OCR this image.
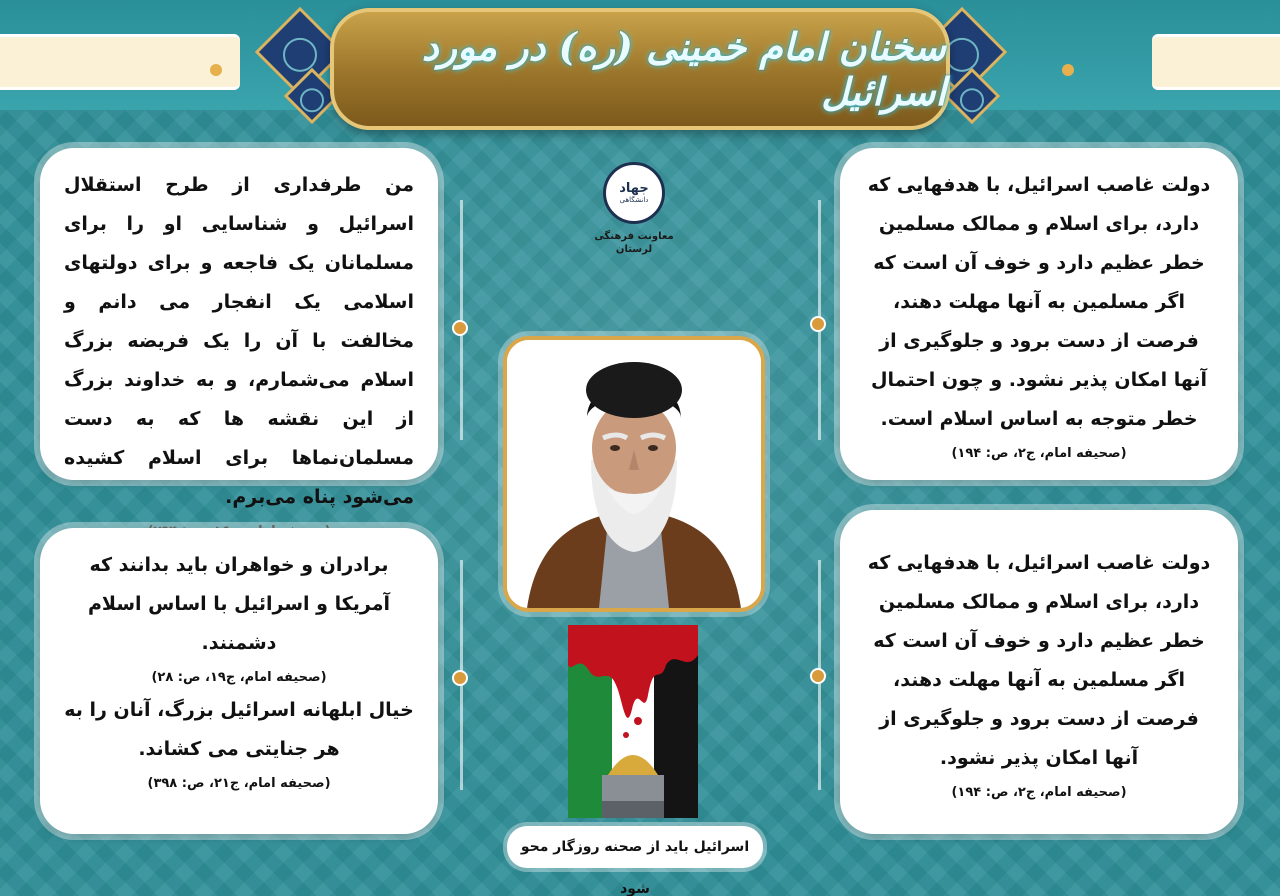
سخنان امام خمینی (ره) در مورد اسرائیل
جهاد
دانشگاهی
معاونت فرهنگی
لرستان

من طرفداری از طرح استقلال اسرائیل و شناسایی او را برای مسلمانان یک فاجعه و برای دولتهای اسلامی یک انفجار می دانم و مخالفت با آن را یک فریضه بزرگ اسلام می‌شمارم، و به خداوند بزرگ از این نقشه ها که به دست مسلمان‌نماها برای اسلام کشیده می‌شود پناه می‌برم.

برادران و خواهران باید بدانند که آمریکا و اسرائیل با اساس اسلام دشمنند.

(صحیفه امام، ج۱۹، ص: ۲۸)

خیال ابلهانه اسرائیل بزرگ، آنان را به هر جنایتی می کشاند.

(صحیفه امام، ج۲۱، ص: ۳۹۸)

دولت غاصب اسرائیل، با هدفهایی که دارد، برای اسلام و ممالک مسلمین خطر عظیم دارد و خوف آن است که اگر مسلمین به آنها مهلت دهند، فرصت از دست برود و جلوگیری از آنها امکان پذیر نشود. و چون احتمال خطر متوجه به اساس اسلام است.

(صحیفه امام، ج۲، ص: ۱۹۴)

دولت غاصب اسرائیل، با هدفهایی که دارد، برای اسلام و ممالک مسلمین خطر عظیم دارد و خوف آن است که اگر مسلمین به آنها مهلت دهند، فرصت از دست برود و جلوگیری از آنها امکان پذیر نشود.

(صحیفه امام، ج۲، ص: ۱۹۴)

اسرائیل باید از صحنه روزگار محو شود
